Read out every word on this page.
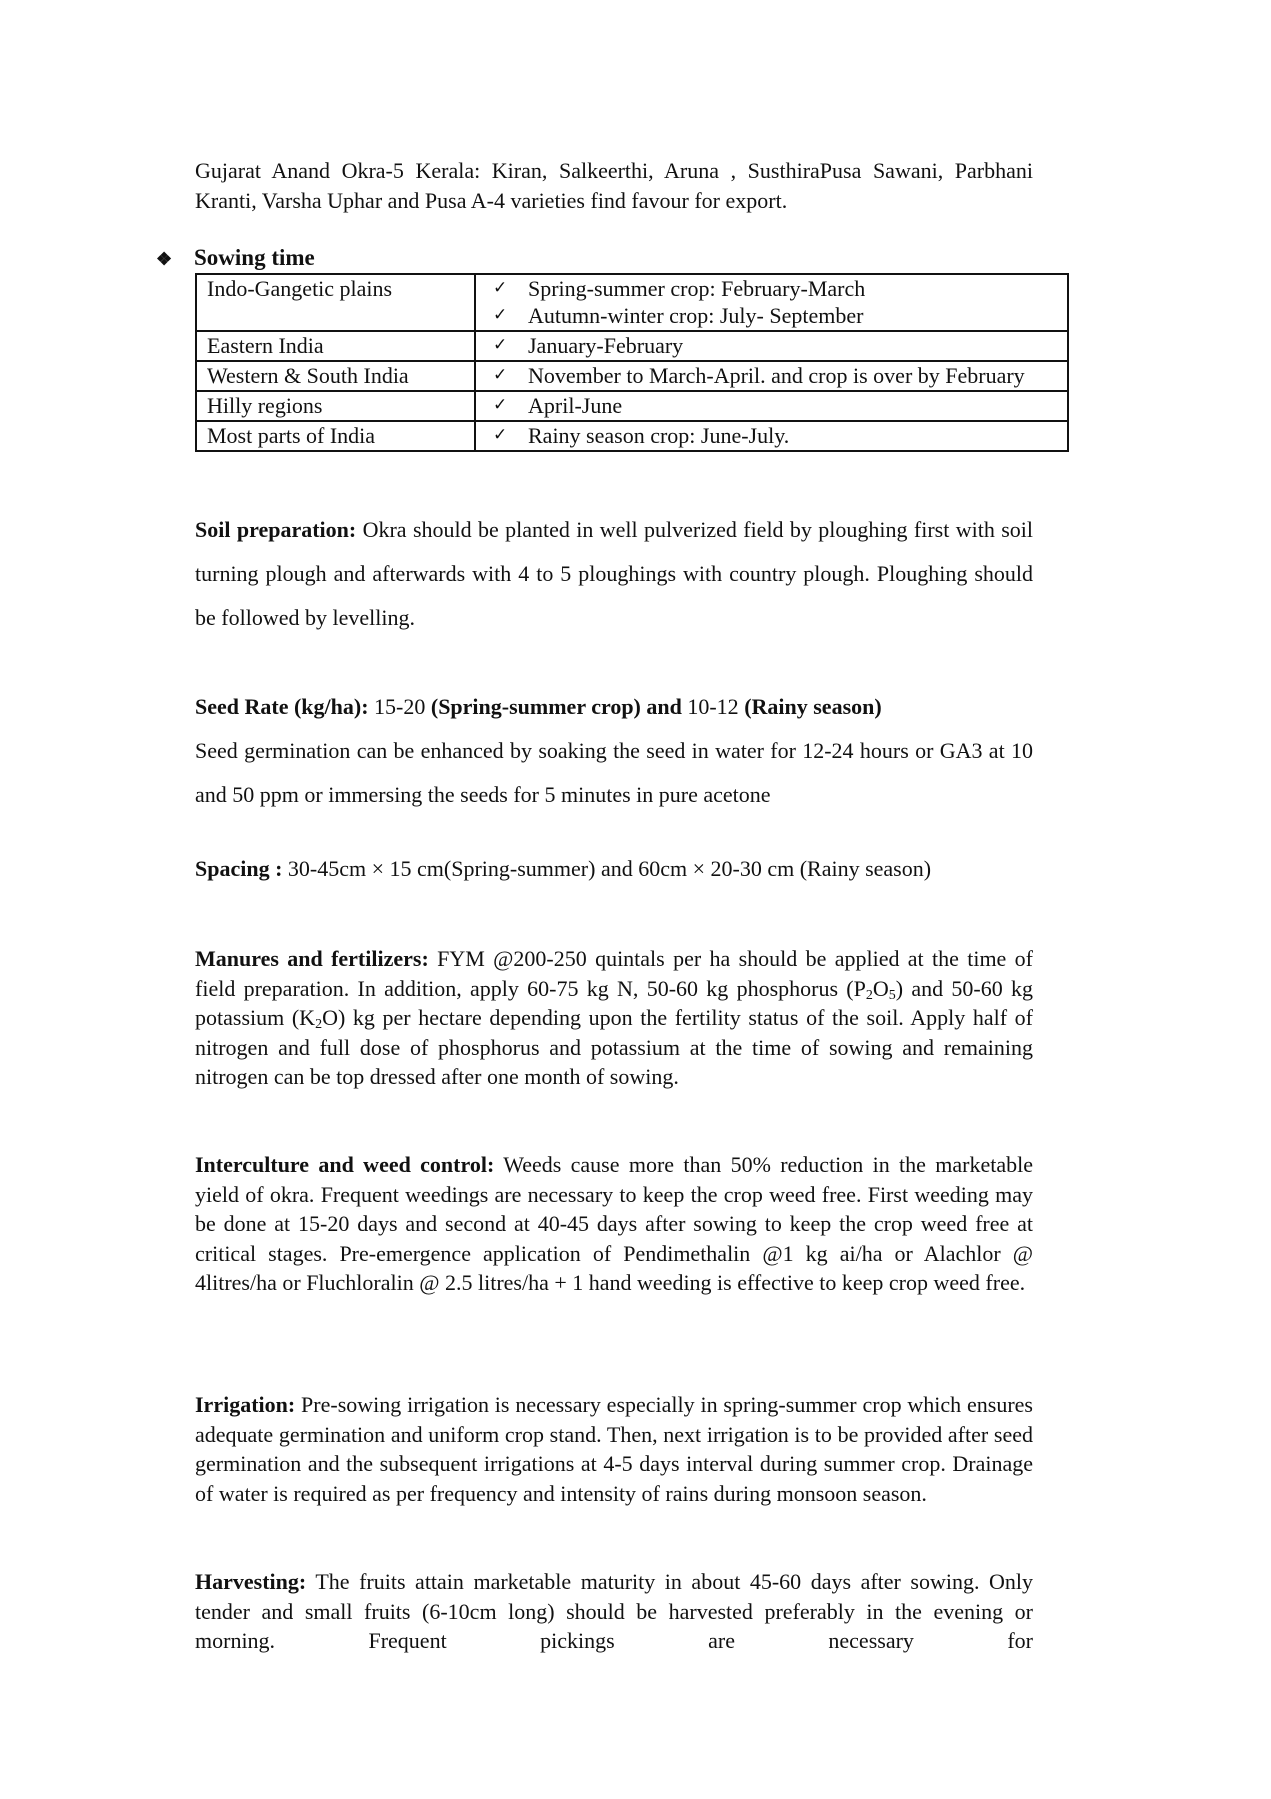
Gujarat Anand Okra-5 Kerala: Kiran, Salkeerthi, Aruna , SusthiraPusa Sawani, Parbhani Kranti, Varsha Uphar and Pusa A-4 varieties find favour for export.

❖ Sowing time
Indo-Gangetic plains	✓ Spring-summer crop: February-March
✓ Autumn-winter crop: July- September

Eastern India	✓ January-February

Western & South India	✓ November to March-April. and crop is over by February

Hilly regions	✓ April-June

Most parts of India	✓ Rainy season crop: June-July.

Soil preparation: Okra should be planted in well pulverized field by ploughing first with soil turning plough and afterwards with 4 to 5 ploughings with country plough. Ploughing should be followed by levelling.

Seed Rate (kg/ha): 15-20 (Spring-summer crop) and 10-12 (Rainy season)
Seed germination can be enhanced by soaking the seed in water for 12-24 hours or GA3 at 10 and 50 ppm or immersing the seeds for 5 minutes in pure acetone

Spacing : 30-45cm × 15 cm(Spring-summer) and 60cm × 20-30 cm (Rainy season)

Manures and fertilizers: FYM @200-250 quintals per ha should be applied at the time of field preparation. In addition, apply 60-75 kg N, 50-60 kg phosphorus $(P_2O_5)$ and 50-60 kg potassium $(K_2O)$ kg per hectare depending upon the fertility status of the soil. Apply half of nitrogen and full dose of phosphorus and potassium at the time of sowing and remaining nitrogen can be top dressed after one month of sowing.

Interculture and weed control: Weeds cause more than 50% reduction in the marketable yield of okra. Frequent weedings are necessary to keep the crop weed free. First weeding may be done at 15-20 days and second at 40-45 days after sowing to keep the crop weed free at critical stages. Pre-emergence application of Pendimethalin @1 kg ai/ha or Alachlor @ 4litres/ha or Fluchloralin @ 2.5 litres/ha + 1 hand weeding is effective to keep crop weed free.

Irrigation: Pre-sowing irrigation is necessary especially in spring-summer crop which ensures adequate germination and uniform crop stand. Then, next irrigation is to be provided after seed germination and the subsequent irrigations at 4-5 days interval during summer crop. Drainage of water is required as per frequency and intensity of rains during monsoon season.

Harvesting: The fruits attain marketable maturity in about 45-60 days after sowing. Only tender and small fruits (6-10cm long) should be harvested preferably in the evening or morning. Frequent pickings are necessary for
